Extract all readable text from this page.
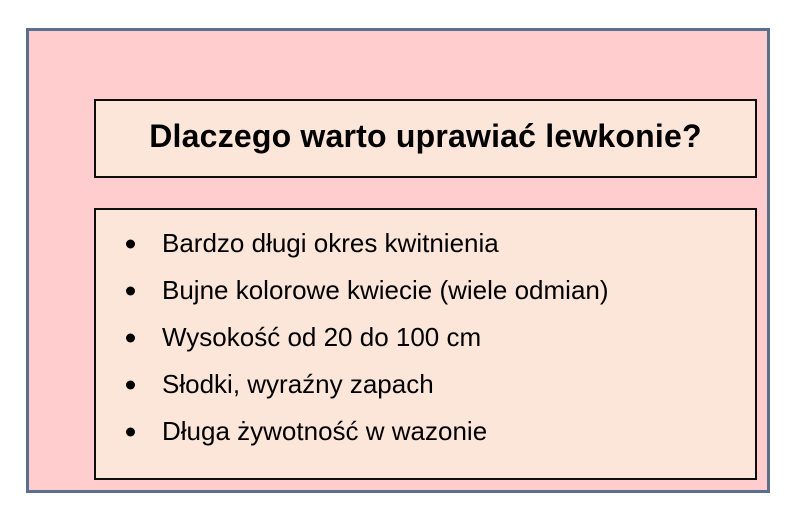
Dlaczego warto uprawiać lewkonie?
Bardzo długi okres kwitnienia
Bujne kolorowe kwiecie (wiele odmian)
Wysokość od 20 do 100 cm
Słodki, wyraźny zapach
Długa żywotność w wazonie
